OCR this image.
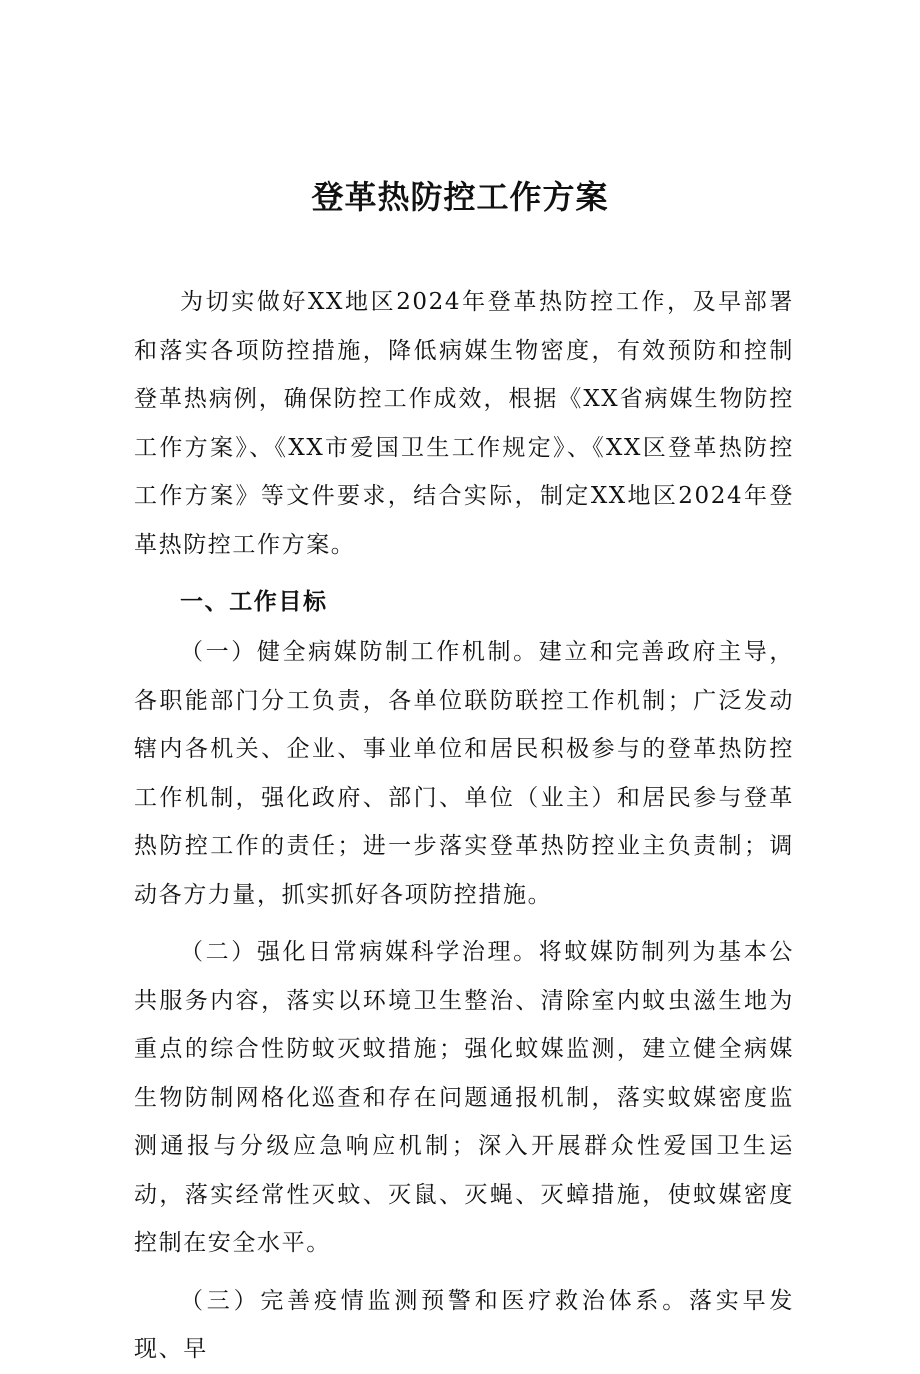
登革热防控工作方案

为切实做好XX地区2024年登革热防控工作，及早部署和落实各项防控措施，降低病媒生物密度，有效预防和控制登革热病例，确保防控工作成效，根据《XX省病媒生物防控工作方案》、《XX市爱国卫生工作规定》、《XX区登革热防控工作方案》等文件要求，结合实际，制定XX地区2024年登革热防控工作方案。

一、工作目标

（一）健全病媒防制工作机制。建立和完善政府主导，各职能部门分工负责，各单位联防联控工作机制；广泛发动辖内各机关、企业、事业单位和居民积极参与的登革热防控工作机制，强化政府、部门、单位（业主）和居民参与登革热防控工作的责任；进一步落实登革热防控业主负责制；调动各方力量，抓实抓好各项防控措施。

（二）强化日常病媒科学治理。将蚊媒防制列为基本公共服务内容，落实以环境卫生整治、清除室内蚊虫滋生地为重点的综合性防蚊灭蚊措施；强化蚊媒监测，建立健全病媒生物防制网格化巡查和存在问题通报机制，落实蚊媒密度监测通报与分级应急响应机制；深入开展群众性爱国卫生运动，落实经常性灭蚊、灭鼠、灭蝇、灭蟑措施，使蚊媒密度控制在安全水平。

（三）完善疫情监测预警和医疗救治体系。落实早发现、早
